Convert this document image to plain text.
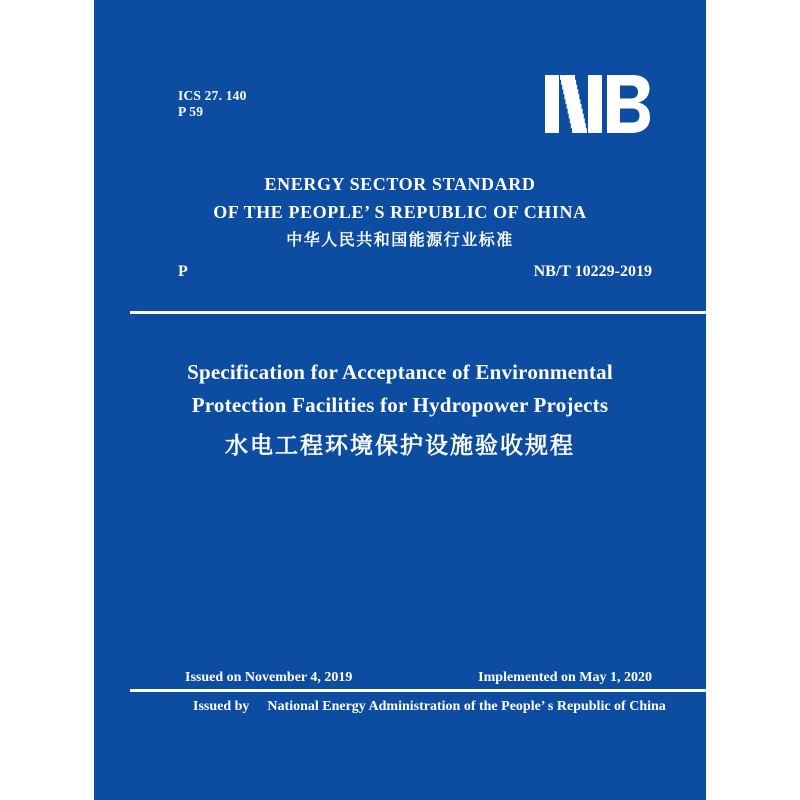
ICS 27. 140
P 59
ENERGY SECTOR STANDARD
OF THE PEOPLE’ S REPUBLIC OF CHINA
中华人民共和国能源行业标准
P	NB/T 10229-2019
Specification for Acceptance of Environmental
Protection Facilities for Hydropower Projects
水电工程环境保护设施验收规程
Issued on November 4, 2019	Implemented on May 1, 2020
Issued by National Energy Administration of the People’ s Republic of China
